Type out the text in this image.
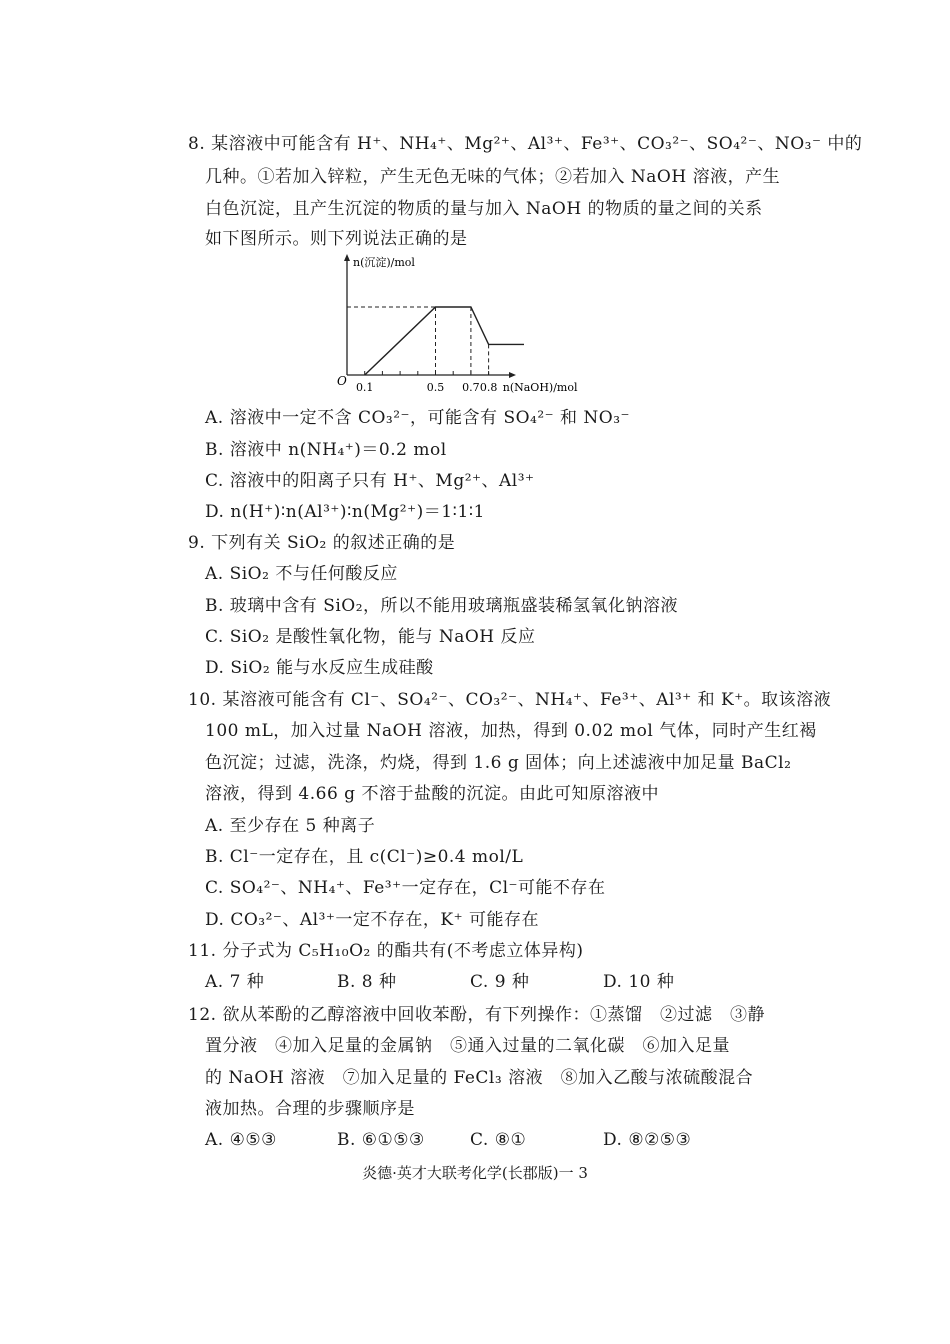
8. 某溶液中可能含有 H⁺、NH₄⁺、Mg²⁺、Al³⁺、Fe³⁺、CO₃²⁻、SO₄²⁻、NO₃⁻ 中的
几种。①若加入锌粒，产生无色无味的气体；②若加入 NaOH 溶液，产生
白色沉淀，且产生沉淀的物质的量与加入 NaOH 的物质的量之间的关系
如下图所示。则下列说法正确的是
n(沉淀)/mol
n(NaOH)/mol
O 0.1	0.5 0.7 0.8
A. 溶液中一定不含 CO₃²⁻，可能含有 SO₄²⁻ 和 NO₃⁻
B. 溶液中 n(NH₄⁺)＝0.2 mol
C. 溶液中的阳离子只有 H⁺、Mg²⁺、Al³⁺
D. n(H⁺)∶n(Al³⁺)∶n(Mg²⁺)＝1∶1∶1
9. 下列有关 SiO₂ 的叙述正确的是
A. SiO₂ 不与任何酸反应
B. 玻璃中含有 SiO₂，所以不能用玻璃瓶盛装稀氢氧化钠溶液
C. SiO₂ 是酸性氧化物，能与 NaOH 反应
D. SiO₂ 能与水反应生成硅酸
10. 某溶液可能含有 Cl⁻、SO₄²⁻、CO₃²⁻、NH₄⁺、Fe³⁺、Al³⁺ 和 K⁺。取该溶液
100 mL，加入过量 NaOH 溶液，加热，得到 0.02 mol 气体，同时产生红褐
色沉淀；过滤，洗涤，灼烧，得到 1.6 g 固体；向上述滤液中加足量 BaCl₂
溶液，得到 4.66 g 不溶于盐酸的沉淀。由此可知原溶液中
A. 至少存在 5 种离子
B. Cl⁻一定存在，且 c(Cl⁻)≥0.4 mol/L
C. SO₄²⁻、NH₄⁺、Fe³⁺一定存在，Cl⁻可能不存在
D. CO₃²⁻、Al³⁺一定不存在，K⁺ 可能存在
11. 分子式为 C₅H₁₀O₂ 的酯共有(不考虑立体异构)
A. 7 种	B. 8 种	C. 9 种	D. 10 种
12. 欲从苯酚的乙醇溶液中回收苯酚，有下列操作：①蒸馏　②过滤　③静
置分液　④加入足量的金属钠　⑤通入过量的二氧化碳　⑥加入足量
的 NaOH 溶液　⑦加入足量的 FeCl₃ 溶液　⑧加入乙酸与浓硫酸混合
液加热。合理的步骤顺序是
A. ④⑤③	B. ⑥①⑤③	C. ⑧①	D. ⑧②⑤③
炎德·英才大联考化学(长郡版)一 3
